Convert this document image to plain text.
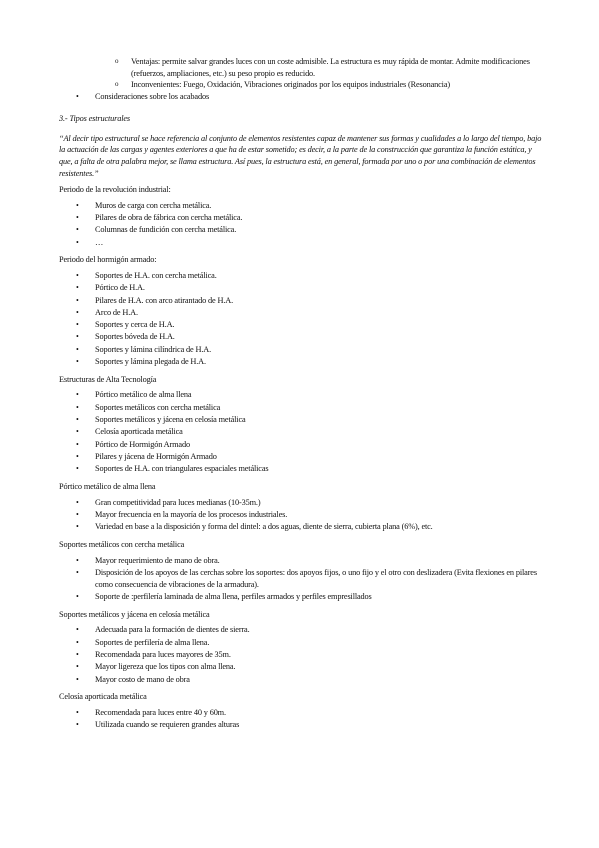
o Ventajas: permite salvar grandes luces con un coste admisible. La estructura es muy rápida de montar. Admite modificaciones (refuerzos, ampliaciones, etc.) su peso propio es reducido.
o Inconvenientes: Fuego, Oxidación, Vibraciones originados por los equipos industriales (Resonancia)
• Consideraciones sobre los acabados

3.- Tipos estructurales

“Al decir tipo estructural se hace referencia al conjunto de elementos resistentes capaz de mantener sus formas y cualidades a lo largo del tiempo, bajo la actuación de las cargas y agentes exteriores a que ha de estar sometido; es decir, a la parte de la construcción que garantiza la función estática, y que, a falta de otra palabra mejor, se llama estructura. Así pues, la estructura está, en general, formada por uno o por una combinación de elementos resistentes.”

Periodo de la revolución industrial:

• Muros de carga con cercha metálica.
• Pilares de obra de fábrica con cercha metálica.
• Columnas de fundición con cercha metálica.
• …

Periodo del hormigón armado:

• Soportes de H.A. con cercha metálica.
• Pórtico de H.A.
• Pilares de H.A. con arco atirantado de H.A.
• Arco de H.A.
• Soportes y cerca de H.A.
• Soportes bóveda de H.A.
• Soportes y lámina cilíndrica de H.A.
• Soportes y lámina plegada de H.A.

Estructuras de Alta Tecnología

• Pórtico metálico de alma llena
• Soportes metálicos con cercha metálica
• Soportes metálicos y jácena en celosía metálica
• Celosía aporticada metálica
• Pórtico de Hormigón Armado
• Pilares y jácena de Hormigón Armado
• Soportes de H.A. con triangulares espaciales metálicas

Pórtico metálico de alma llena

• Gran competitividad para luces medianas (10-35m.)
• Mayor frecuencia en la mayoría de los procesos industriales.
• Variedad en base a la disposición y forma del dintel: a dos aguas, diente de sierra, cubierta plana (6%), etc.

Soportes metálicos con cercha metálica

• Mayor requerimiento de mano de obra.
• Disposición de los apoyos de las cerchas sobre los soportes: dos apoyos fijos, o uno fijo y el otro con deslizadera (Evita flexiones en pilares como consecuencia de vibraciones de la armadura).
• Soporte de :perfilería laminada de alma llena, perfiles armados y perfiles empresillados

Soportes metálicos y jácena en celosía metálica

• Adecuada para la formación de dientes de sierra.
• Soportes de perfilería de alma llena.
• Recomendada para luces mayores de 35m.
• Mayor ligereza que los tipos con alma llena.
• Mayor costo de mano de obra

Celosía aporticada metálica

• Recomendada para luces entre 40 y 60m.
• Utilizada cuando se requieren grandes alturas
